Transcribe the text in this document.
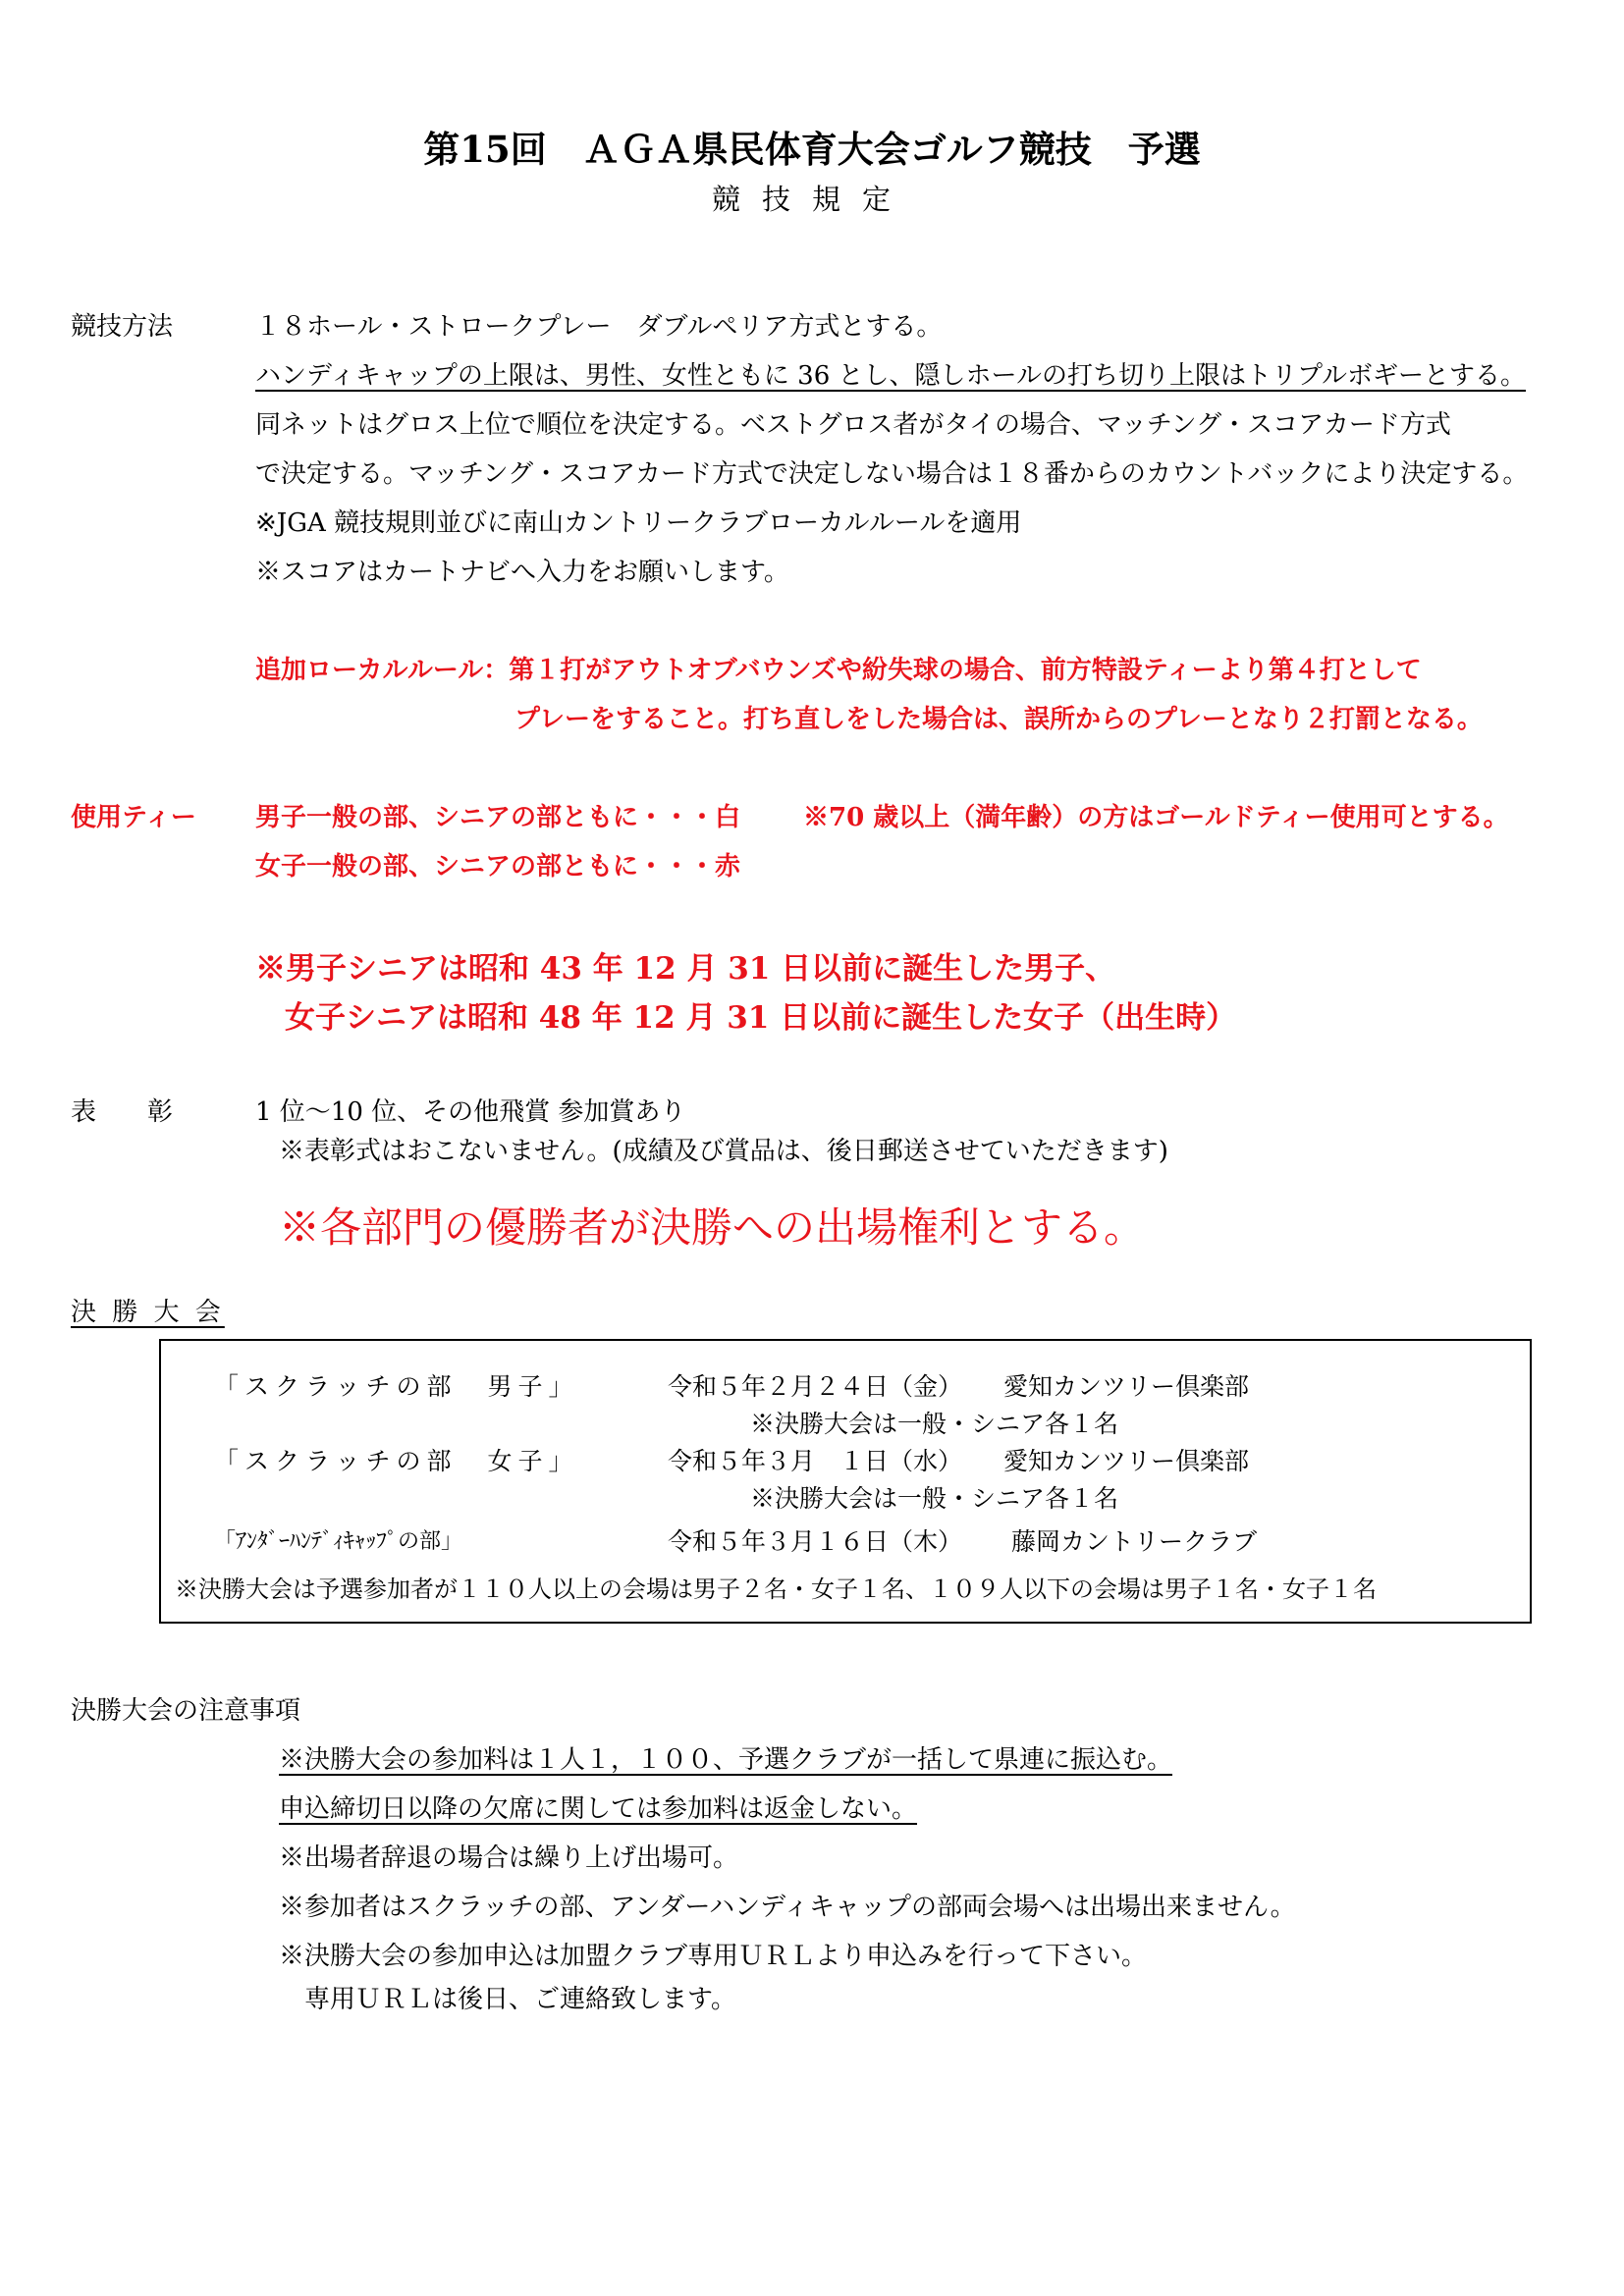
第15回　ＡＧＡ県民体育大会ゴルフ競技　予選
競技規定
競技方法	１８ホール・ストロークプレー　ダブルペリア方式とする。
ハンディキャップの上限は、男性、女性ともに 36 とし、隠しホールの打ち切り上限はトリプルボギーとする。
同ネットはグロス上位で順位を決定する。ベストグロス者がタイの場合、マッチング・スコアカード方式
で決定する。マッチング・スコアカード方式で決定しない場合は１８番からのカウントバックにより決定する。
※JGA 競技規則並びに南山カントリークラブローカルルールを適用
※スコアはカートナビへ入力をお願いします。
追加ローカルルール：第１打がアウトオブバウンズや紛失球の場合、前方特設ティーより第４打として
プレーをすること。打ち直しをした場合は、誤所からのプレーとなり２打罰となる。
使用ティー 男子一般の部、シニアの部ともに・・・白 ※70 歳以上（満年齢）の方はゴールドティー使用可とする。
女子一般の部、シニアの部ともに・・・赤
※男子シニアは昭和 43 年 12 月 31 日以前に誕生した男子、
女子シニアは昭和 48 年 12 月 31 日以前に誕生した女子（出生時）
表　　彰	1 位～10 位、その他飛賞 参加賞あり
※表彰式はおこないません。(成績及び賞品は、後日郵送させていただきます)
※各部門の優勝者が決勝への出場権利とする。
決 勝 大 会
「スクラッチの部　男子」	令和５年２月２４日（金） 愛知カンツリー倶楽部
※決勝大会は一般・シニア各１名
「スクラッチの部　女子」	令和５年３月　１日（水） 愛知カンツリー倶楽部
※決勝大会は一般・シニア各１名
「ｱﾝﾀﾞｰﾊﾝﾃﾞｨｷｬｯﾌﾟの部」	令和５年３月１６日（木） 藤岡カントリークラブ
※決勝大会は予選参加者が１１０人以上の会場は男子２名・女子１名、１０９人以下の会場は男子１名・女子１名
決勝大会の注意事項
※決勝大会の参加料は１人１，１００、予選クラブが一括して県連に振込む。
申込締切日以降の欠席に関しては参加料は返金しない。
※出場者辞退の場合は繰り上げ出場可。
※参加者はスクラッチの部、アンダーハンディキャップの部両会場へは出場出来ません。
※決勝大会の参加申込は加盟クラブ専用ＵＲＬより申込みを行って下さい。
専用ＵＲＬは後日、ご連絡致します。
